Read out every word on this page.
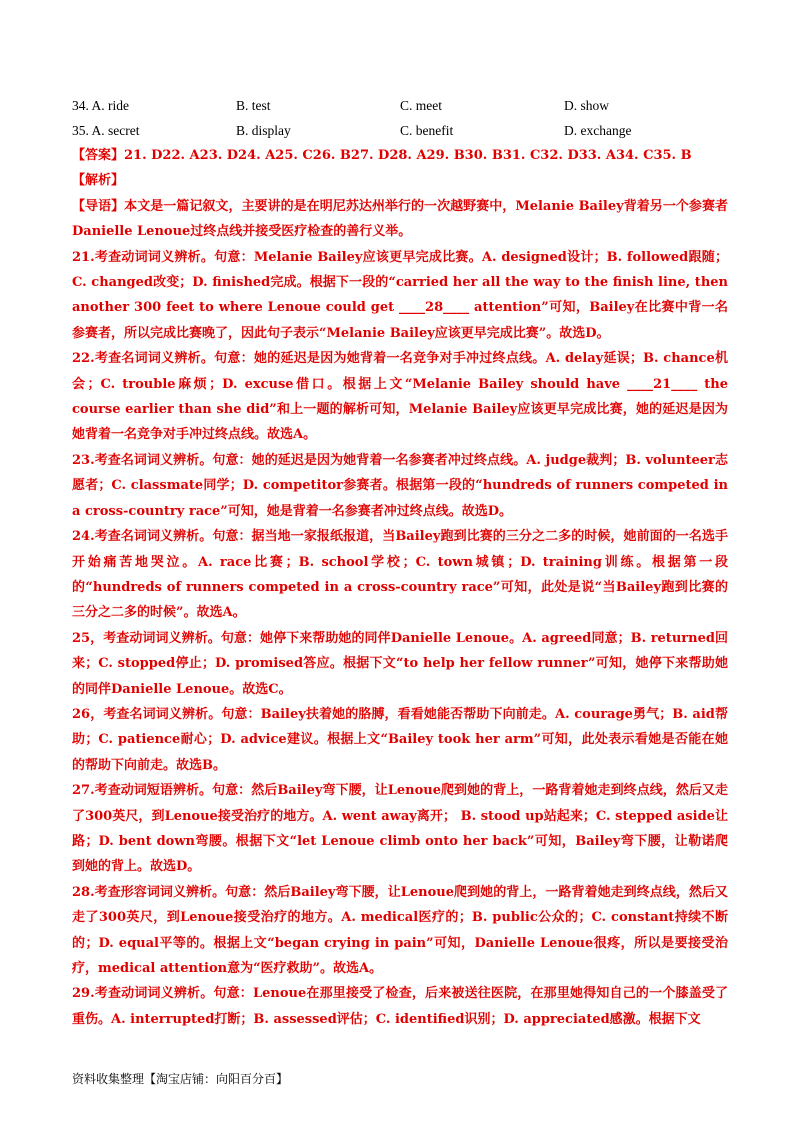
34. A. ride	B. test	C. meet	D. show
35. A. secret	B. display	C. benefit	D. exchange

【答案】21. D22. A23. D24. A25. C26. B27. D28. A29. B30. B31. C32. D33. A34. C35. B

【解析】

【导语】本文是一篇记叙文，主要讲的是在明尼苏达州举行的一次越野赛中，Melanie Bailey背着另一个参赛者Danielle Lenoue过终点线并接受医疗检查的善行义举。

21.考查动词词义辨析。句意：Melanie Bailey应该更早完成比赛。A. designed设计；B. followed跟随；C. changed改变；D. finished完成。根据下一段的“carried her all the way to the finish line, then another 300 feet to where Lenoue could get ____28____ attention”可知，Bailey在比赛中背一名参赛者，所以完成比赛晚了，因此句子表示“Melanie Bailey应该更早完成比赛”。故选D。

22.考查名词词义辨析。句意：她的延迟是因为她背着一名竞争对手冲过终点线。A. delay延误；B. chance机会；C. trouble麻烦；D. excuse借口。根据上文“Melanie Bailey should have ____21____ the course earlier than she did”和上一题的解析可知，Melanie Bailey应该更早完成比赛，她的延迟是因为她背着一名竞争对手冲过终点线。故选A。

23.考查名词词义辨析。句意：她的延迟是因为她背着一名参赛者冲过终点线。A. judge裁判；B. volunteer志愿者；C. classmate同学；D. competitor参赛者。根据第一段的“hundreds of runners competed in a cross-country race”可知，她是背着一名参赛者冲过终点线。故选D。

24.考查名词词义辨析。句意：据当地一家报纸报道，当Bailey跑到比赛的三分之二多的时候，她前面的一名选手开始痛苦地哭泣。A. race比赛；B. school学校；C. town城镇；D. training训练。根据第一段的“hundreds of runners competed in a cross-country race”可知，此处是说“当Bailey跑到比赛的三分之二多的时候”。故选A。

25，考查动词词义辨析。句意：她停下来帮助她的同伴Danielle Lenoue。A. agreed同意；B. returned回来；C. stopped停止；D. promised答应。根据下文“to help her fellow runner”可知，她停下来帮助她的同伴Danielle Lenoue。故选C。

26，考查名词词义辨析。句意：Bailey扶着她的胳膊，看看她能否帮助下向前走。A. courage勇气；B. aid帮助；C. patience耐心；D. advice建议。根据上文“Bailey took her arm”可知，此处表示看她是否能在她的帮助下向前走。故选B。

27.考查动词短语辨析。句意：然后Bailey弯下腰，让Lenoue爬到她的背上，一路背着她走到终点线，然后又走了300英尺，到Lenoue接受治疗的地方。A. went away离开； B. stood up站起来；C. stepped aside让路；D. bent down弯腰。根据下文“let Lenoue climb onto her back”可知，Bailey弯下腰，让勒诺爬到她的背上。故选D。

28.考查形容词词义辨析。句意：然后Bailey弯下腰，让Lenoue爬到她的背上，一路背着她走到终点线，然后又走了300英尺，到Lenoue接受治疗的地方。A. medical医疗的；B. public公众的；C. constant持续不断的；D. equal平等的。根据上文“began crying in pain”可知，Danielle Lenoue很疼，所以是要接受治疗，medical attention意为“医疗救助”。故选A。

29.考查动词词义辨析。句意：Lenoue在那里接受了检查，后来被送往医院，在那里她得知自己的一个膝盖受了重伤。A. interrupted打断；B. assessed评估；C. identified识别；D. appreciated感激。根据下文

资料收集整理【淘宝店铺：向阳百分百】
